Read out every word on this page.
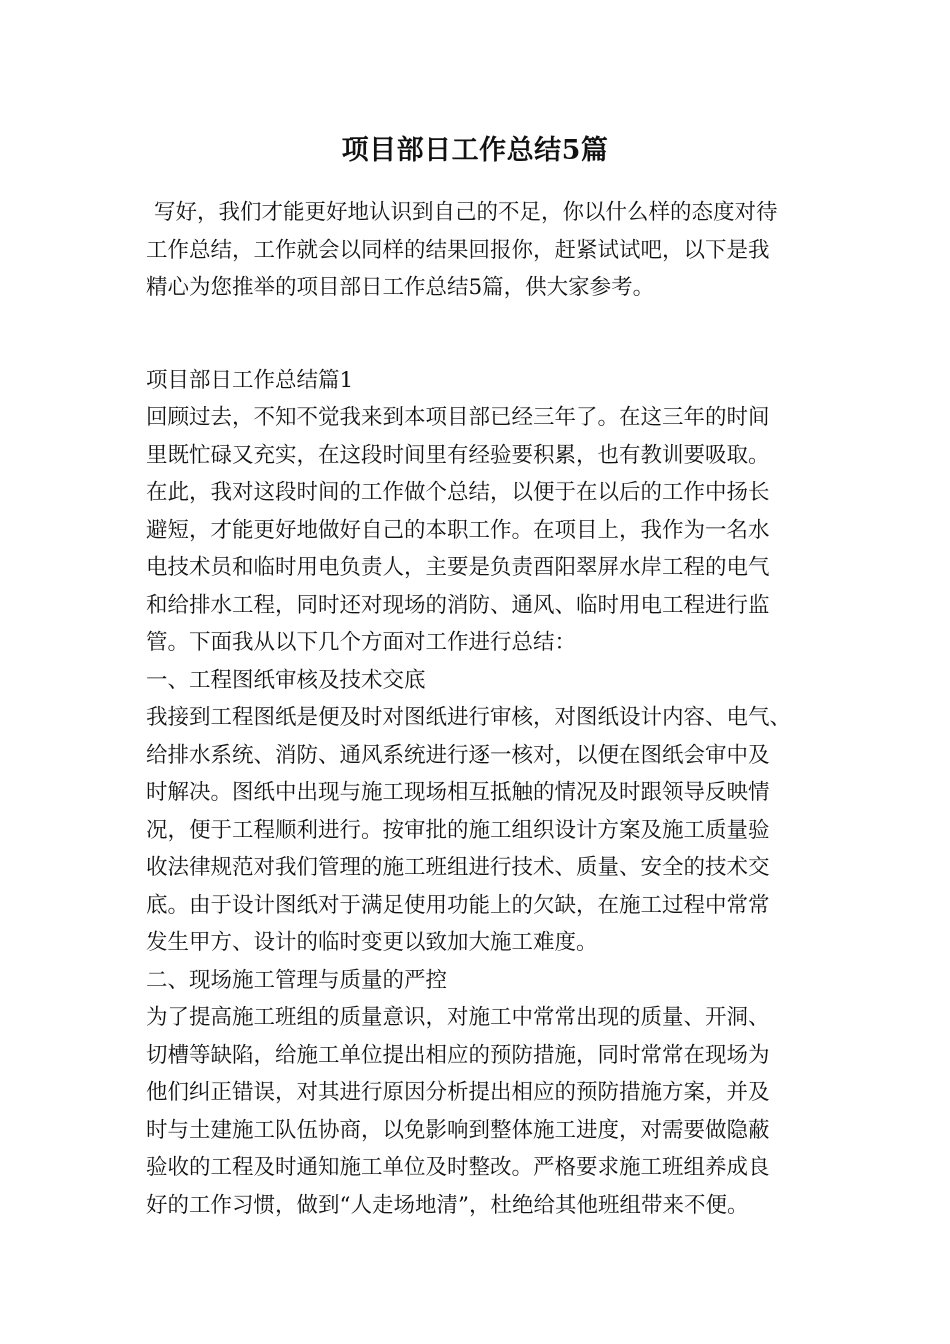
项目部日工作总结5篇

写好，我们才能更好地认识到自己的不足，你以什么样的态度对待

工作总结，工作就会以同样的结果回报你，赶紧试试吧，以下是我

精心为您推举的项目部日工作总结5篇，供大家参考。

项目部日工作总结篇1

回顾过去，不知不觉我来到本项目部已经三年了。在这三年的时间

里既忙碌又充实，在这段时间里有经验要积累，也有教训要吸取。

在此，我对这段时间的工作做个总结，以便于在以后的工作中扬长

避短，才能更好地做好自己的本职工作。在项目上，我作为一名水

电技术员和临时用电负责人，主要是负责酉阳翠屏水岸工程的电气

和给排水工程，同时还对现场的消防、通风、临时用电工程进行监

管。下面我从以下几个方面对工作进行总结：

一、工程图纸审核及技术交底

我接到工程图纸是便及时对图纸进行审核，对图纸设计内容、电气、

给排水系统、消防、通风系统进行逐一核对，以便在图纸会审中及

时解决。图纸中出现与施工现场相互抵触的情况及时跟领导反映情

况，便于工程顺利进行。按审批的施工组织设计方案及施工质量验

收法律规范对我们管理的施工班组进行技术、质量、安全的技术交

底。由于设计图纸对于满足使用功能上的欠缺，在施工过程中常常

发生甲方、设计的临时变更以致加大施工难度。

二、现场施工管理与质量的严控

为了提高施工班组的质量意识，对施工中常常出现的质量、开洞、

切槽等缺陷，给施工单位提出相应的预防措施，同时常常在现场为

他们纠正错误，对其进行原因分析提出相应的预防措施方案，并及

时与土建施工队伍协商，以免影响到整体施工进度，对需要做隐蔽

验收的工程及时通知施工单位及时整改。严格要求施工班组养成良

好的工作习惯，做到“人走场地清”，杜绝给其他班组带来不便。
